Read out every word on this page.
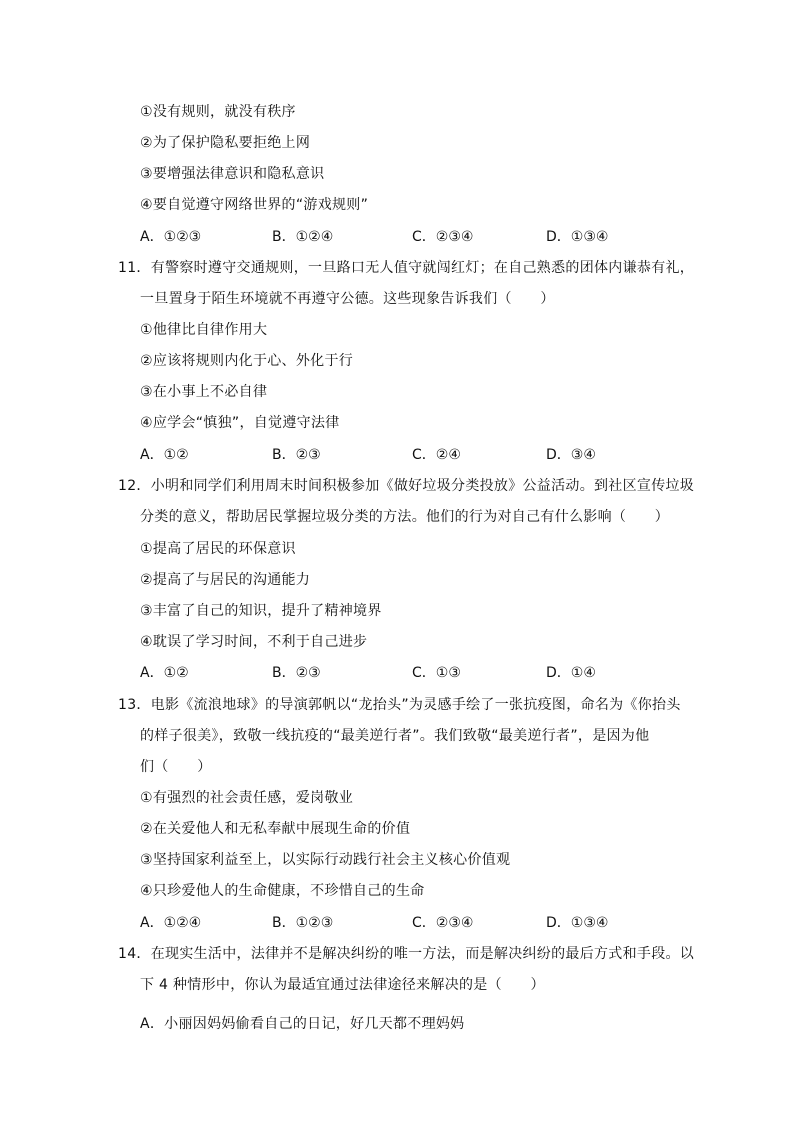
①没有规则，就没有秩序
②为了保护隐私要拒绝上网
③要增强法律意识和隐私意识
④要自觉遵守网络世界的“游戏规则”
A．①②③	B．①②④	C．②③④	D．①③④
11．有警察时遵守交通规则，一旦路口无人值守就闯红灯；在自己熟悉的团体内谦恭有礼，
一旦置身于陌生环境就不再遵守公德。这些现象告诉我们（　　）
①他律比自律作用大
②应该将规则内化于心、外化于行
③在小事上不必自律
④应学会“慎独”，自觉遵守法律
A．①②	B．②③	C．②④	D．③④
12．小明和同学们利用周末时间积极参加《做好垃圾分类投放》公益活动。到社区宣传垃圾
分类的意义，帮助居民掌握垃圾分类的方法。他们的行为对自己有什么影响（　　）
①提高了居民的环保意识
②提高了与居民的沟通能力
③丰富了自己的知识，提升了精神境界
④耽误了学习时间，不利于自己进步
A．①②	B．②③	C．①③	D．①④
13．电影《流浪地球》的导演郭帆以“龙抬头”为灵感手绘了一张抗疫图，命名为《你抬头
的样子很美》，致敬一线抗疫的“最美逆行者”。我们致敬“最美逆行者”，是因为他
们（　　）
①有强烈的社会责任感，爱岗敬业
②在关爱他人和无私奉献中展现生命的价值
③坚持国家利益至上，以实际行动践行社会主义核心价值观
④只珍爱他人的生命健康，不珍惜自己的生命
A．①②④	B．①②③	C．②③④	D．①③④
14．在现实生活中，法律并不是解决纠纷的唯一方法，而是解决纠纷的最后方式和手段。以
下 4 种情形中，你认为最适宜通过法律途径来解决的是（　　）
A．小丽因妈妈偷看自己的日记，好几天都不理妈妈
